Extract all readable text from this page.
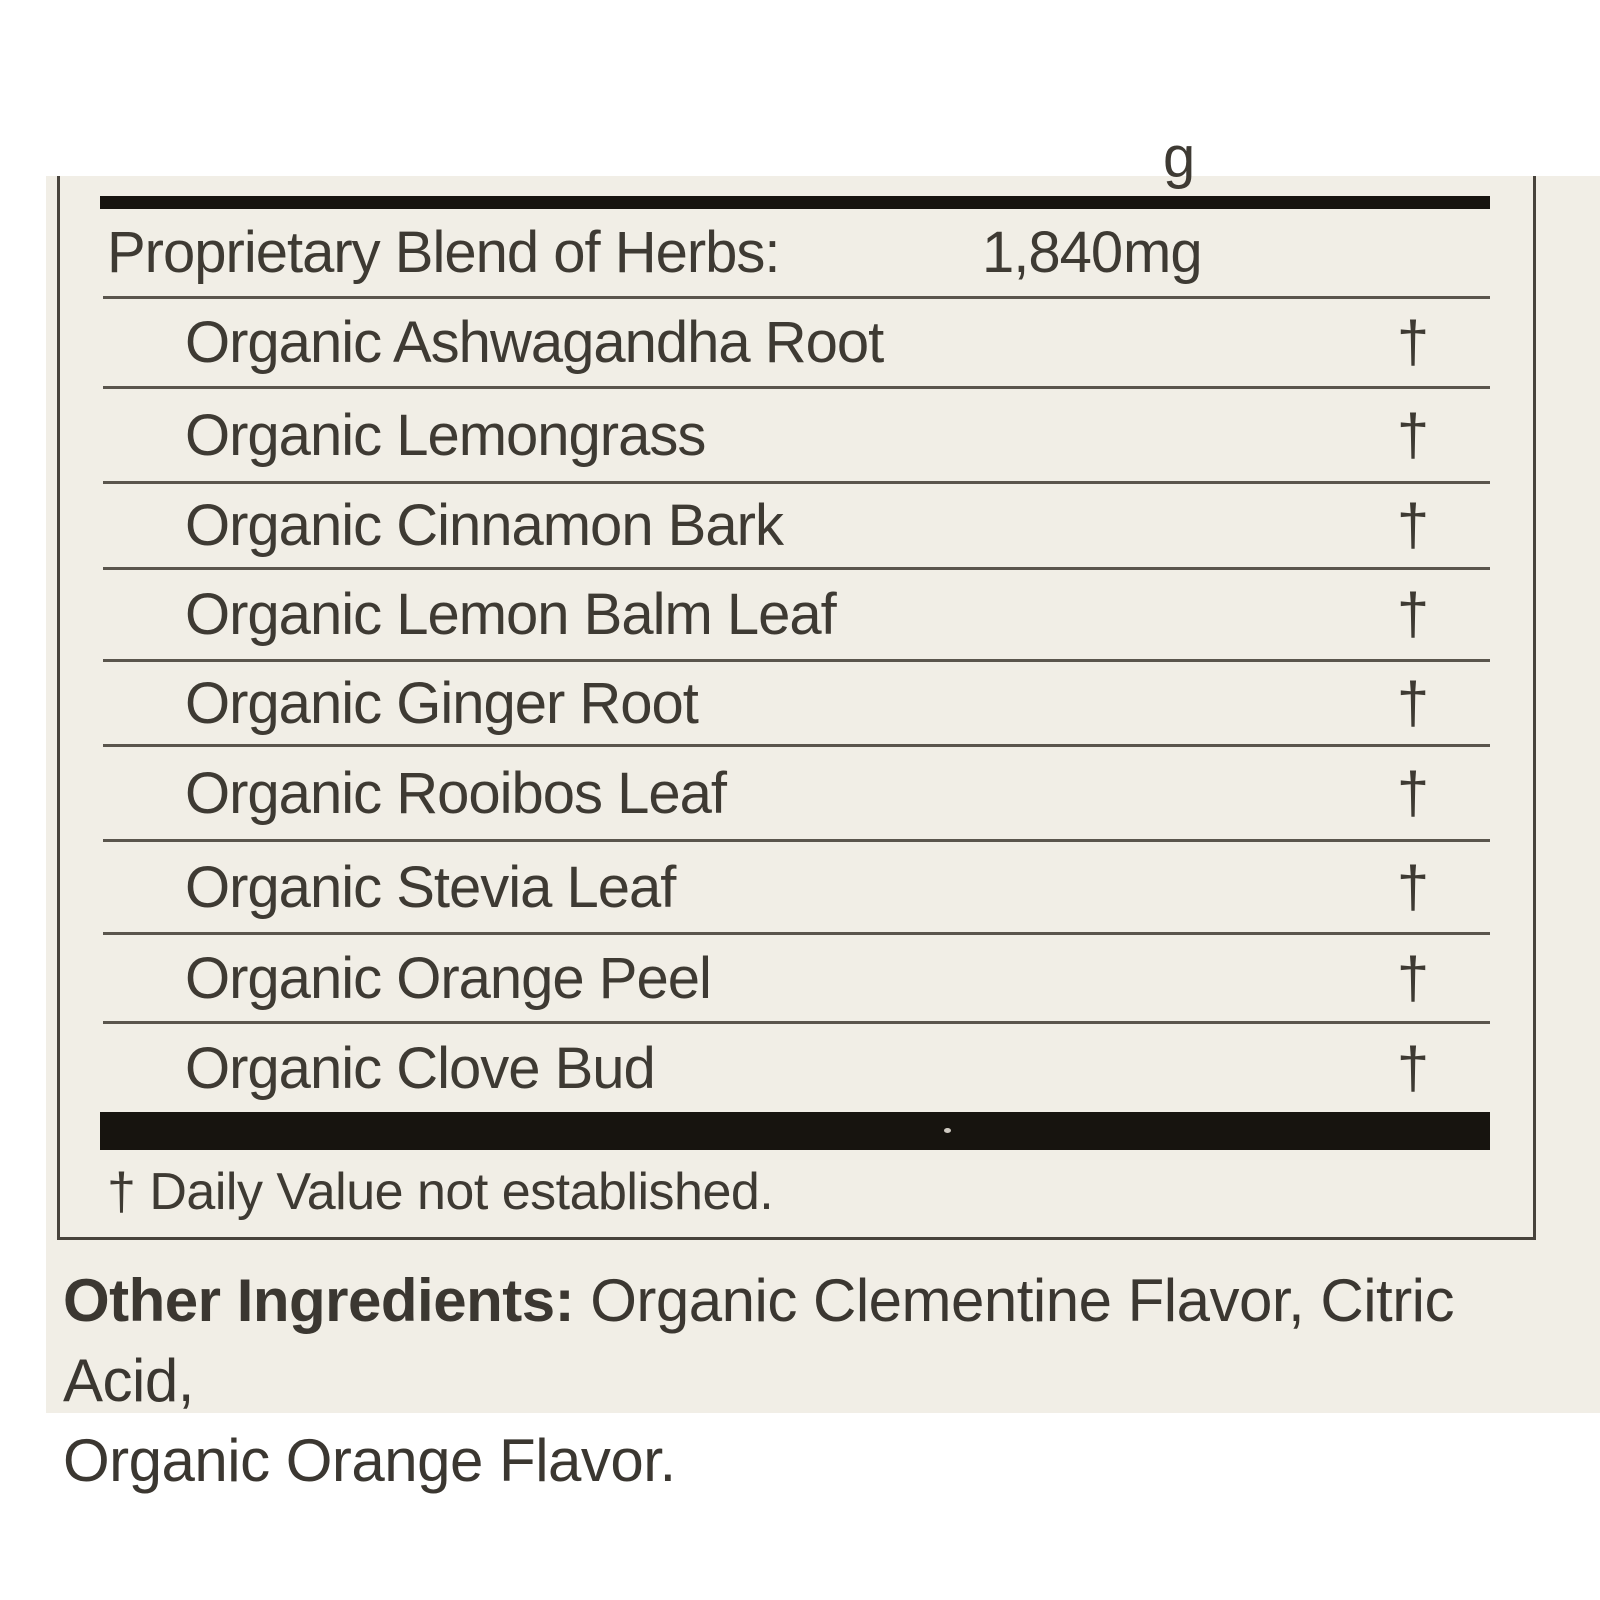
g
Proprietary Blend of Herbs:	1,840 mg
Organic Ashwagandha Root	†
Organic Lemongrass	†
Organic Cinnamon Bark	†
Organic Lemon Balm Leaf	†
Organic Ginger Root	†
Organic Rooibos Leaf	†
Organic Stevia Leaf	†
Organic Orange Peel	†
Organic Clove Bud	†
† Daily Value not established.
Other Ingredients: Organic Clementine Flavor, Citric Acid,
Organic Orange Flavor.
